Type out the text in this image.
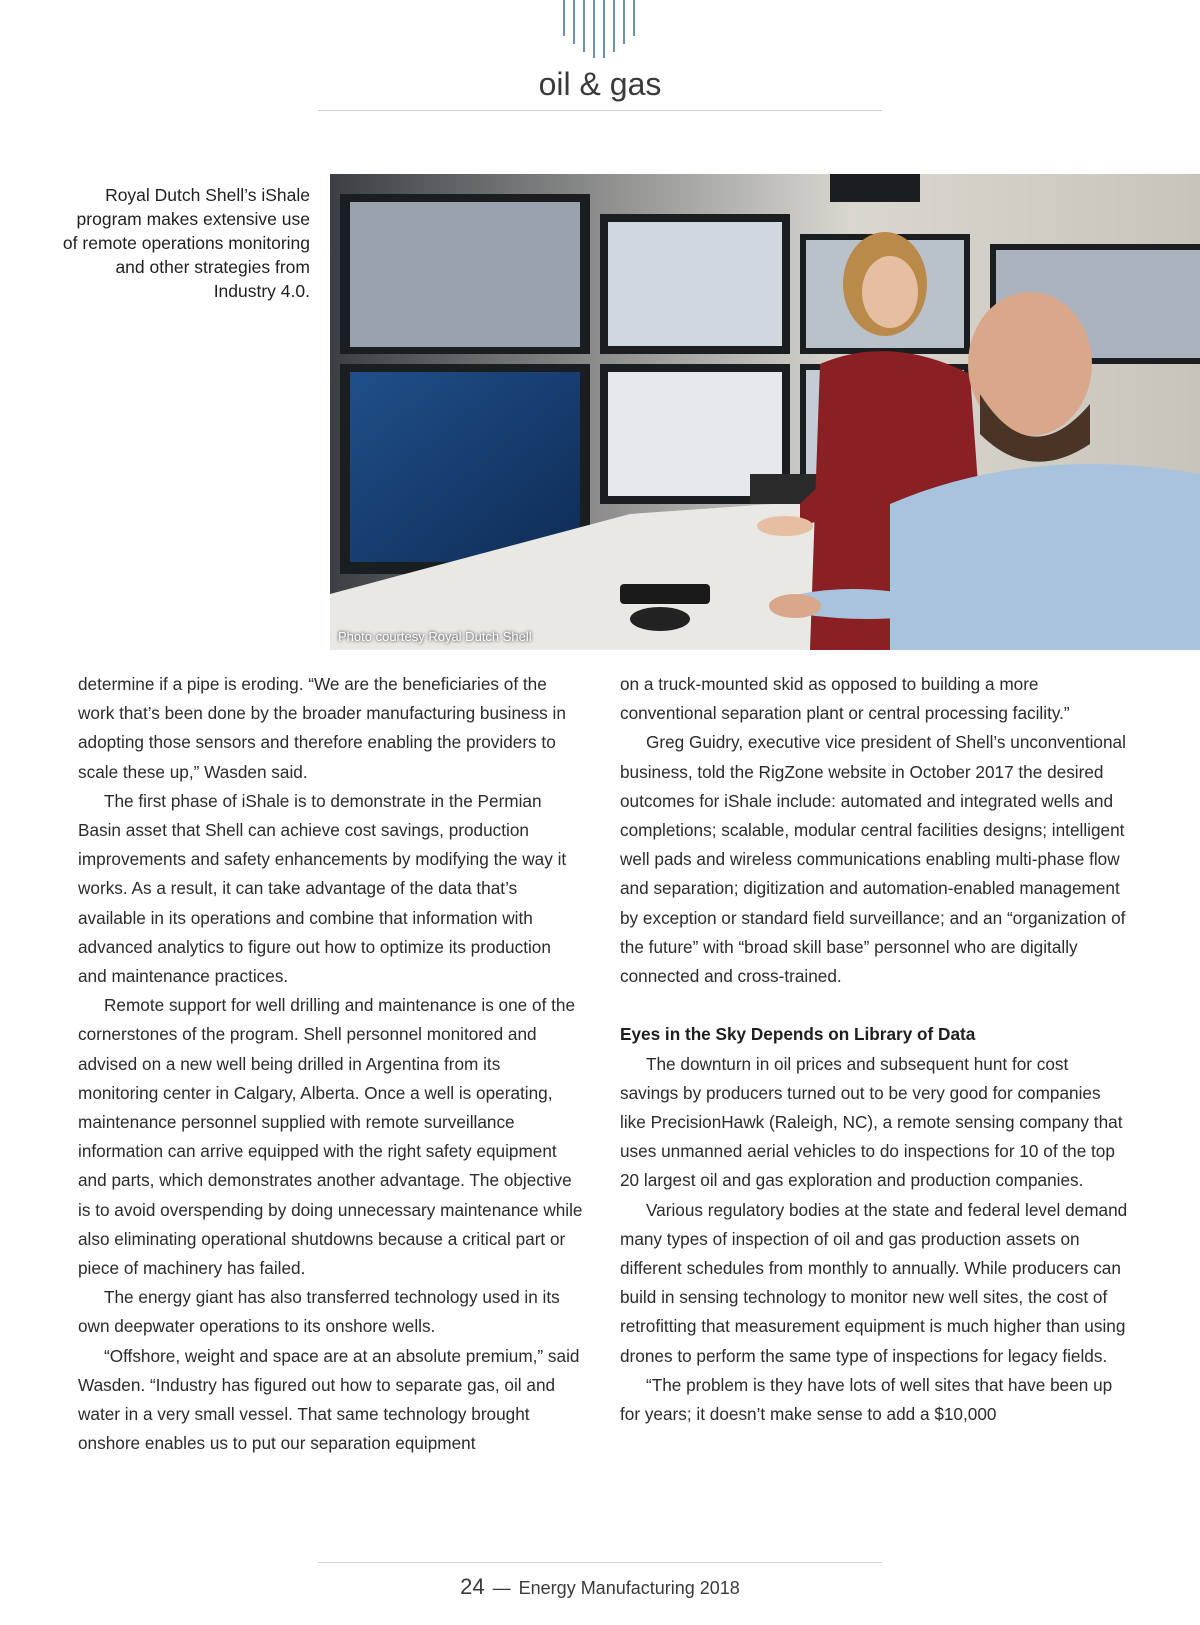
oil & gas
Royal Dutch Shell’s iShale program makes extensive use of remote operations monitoring and other strategies from Industry 4.0.
Photo courtesy Royal Dutch Shell

determine if a pipe is eroding. “We are the beneficiaries of the work that’s been done by the broader manufacturing business in adopting those sensors and therefore enabling the providers to scale these up,” Wasden said.

The first phase of iShale is to demonstrate in the Permian Basin asset that Shell can achieve cost savings, production improvements and safety enhancements by modifying the way it works. As a result, it can take advantage of the data that’s available in its operations and combine that information with advanced analytics to figure out how to optimize its production and maintenance practices.

Remote support for well drilling and maintenance is one of the cornerstones of the program. Shell personnel monitored and advised on a new well being drilled in Argentina from its monitoring center in Calgary, Alberta. Once a well is operating, maintenance personnel supplied with remote surveillance information can arrive equipped with the right safety equipment and parts, which demonstrates another advantage. The objective is to avoid overspending by doing unnecessary maintenance while also eliminating operational shutdowns because a critical part or piece of machinery has failed.

The energy giant has also transferred technology used in its own deepwater operations to its onshore wells.

“Offshore, weight and space are at an absolute premium,” said Wasden. “Industry has figured out how to separate gas, oil and water in a very small vessel. That same technology brought onshore enables us to put our separation equipment

on a truck-mounted skid as opposed to building a more conventional separation plant or central processing facility.”

Greg Guidry, executive vice president of Shell’s unconventional business, told the RigZone website in October 2017 the desired outcomes for iShale include: automated and integrated wells and completions; scalable, modular central facilities designs; intelligent well pads and wireless communications enabling multi-phase flow and separation; digitization and automation-enabled management by exception or standard field surveillance; and an “organization of the future” with “broad skill base” personnel who are digitally connected and cross-trained.

Eyes in the Sky Depends on Library of Data

The downturn in oil prices and subsequent hunt for cost savings by producers turned out to be very good for companies like PrecisionHawk (Raleigh, NC), a remote sensing company that uses unmanned aerial vehicles to do inspections for 10 of the top 20 largest oil and gas exploration and production companies.

Various regulatory bodies at the state and federal level demand many types of inspection of oil and gas production assets on different schedules from monthly to annually. While producers can build in sensing technology to monitor new well sites, the cost of retrofitting that measurement equipment is much higher than using drones to perform the same type of inspections for legacy fields.

“The problem is they have lots of well sites that have been up for years; it doesn’t make sense to add a $10,000

24 — Energy Manufacturing 2018
